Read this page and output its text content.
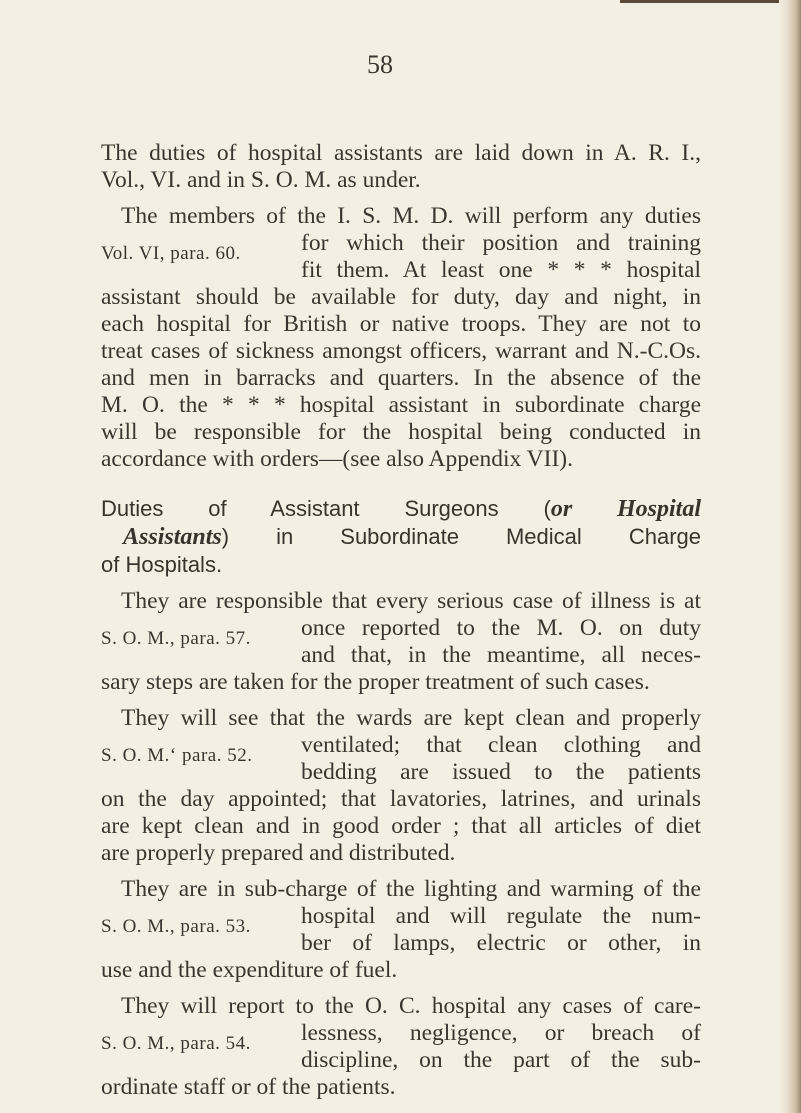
58
The duties of hospital assistants are laid down in A. R. I.,
Vol., VI. and in S. O. M. as under.
Vol. VI, para. 60.
The members of the I. S. M. D. will perform any duties
for which their position and training
fit them. At least one * * * hospital
assistant should be available for duty, day and night, in
each hospital for British or native troops. They are not to
treat cases of sickness amongst officers, warrant and N.-C.Os.
and men in barracks and quarters. In the absence of the
M. O. the * * * hospital assistant in subordinate charge
will be responsible for the hospital being conducted in
accordance with orders—(see also Appendix VII).
Duties of Assistant Surgeons (or Hospital
Assistants) in Subordinate Medical Charge
of Hospitals.
S. O. M., para. 57.
They are responsible that every serious case of illness is at
once reported to the M. O. on duty
and that, in the meantime, all neces-
sary steps are taken for the proper treatment of such cases.
S. O. M.‘ para. 52.
They will see that the wards are kept clean and properly
ventilated; that clean clothing and
bedding are issued to the patients
on the day appointed; that lavatories, latrines, and urinals
are kept clean and in good order ; that all articles of diet
are properly prepared and distributed.
S. O. M., para. 53.
They are in sub-charge of the lighting and warming of the
hospital and will regulate the num-
ber of lamps, electric or other, in
use and the expenditure of fuel.
S. O. M., para. 54.
They will report to the O. C. hospital any cases of care-
lessness, negligence, or breach of
discipline, on the part of the sub-
ordinate staff or of the patients.
